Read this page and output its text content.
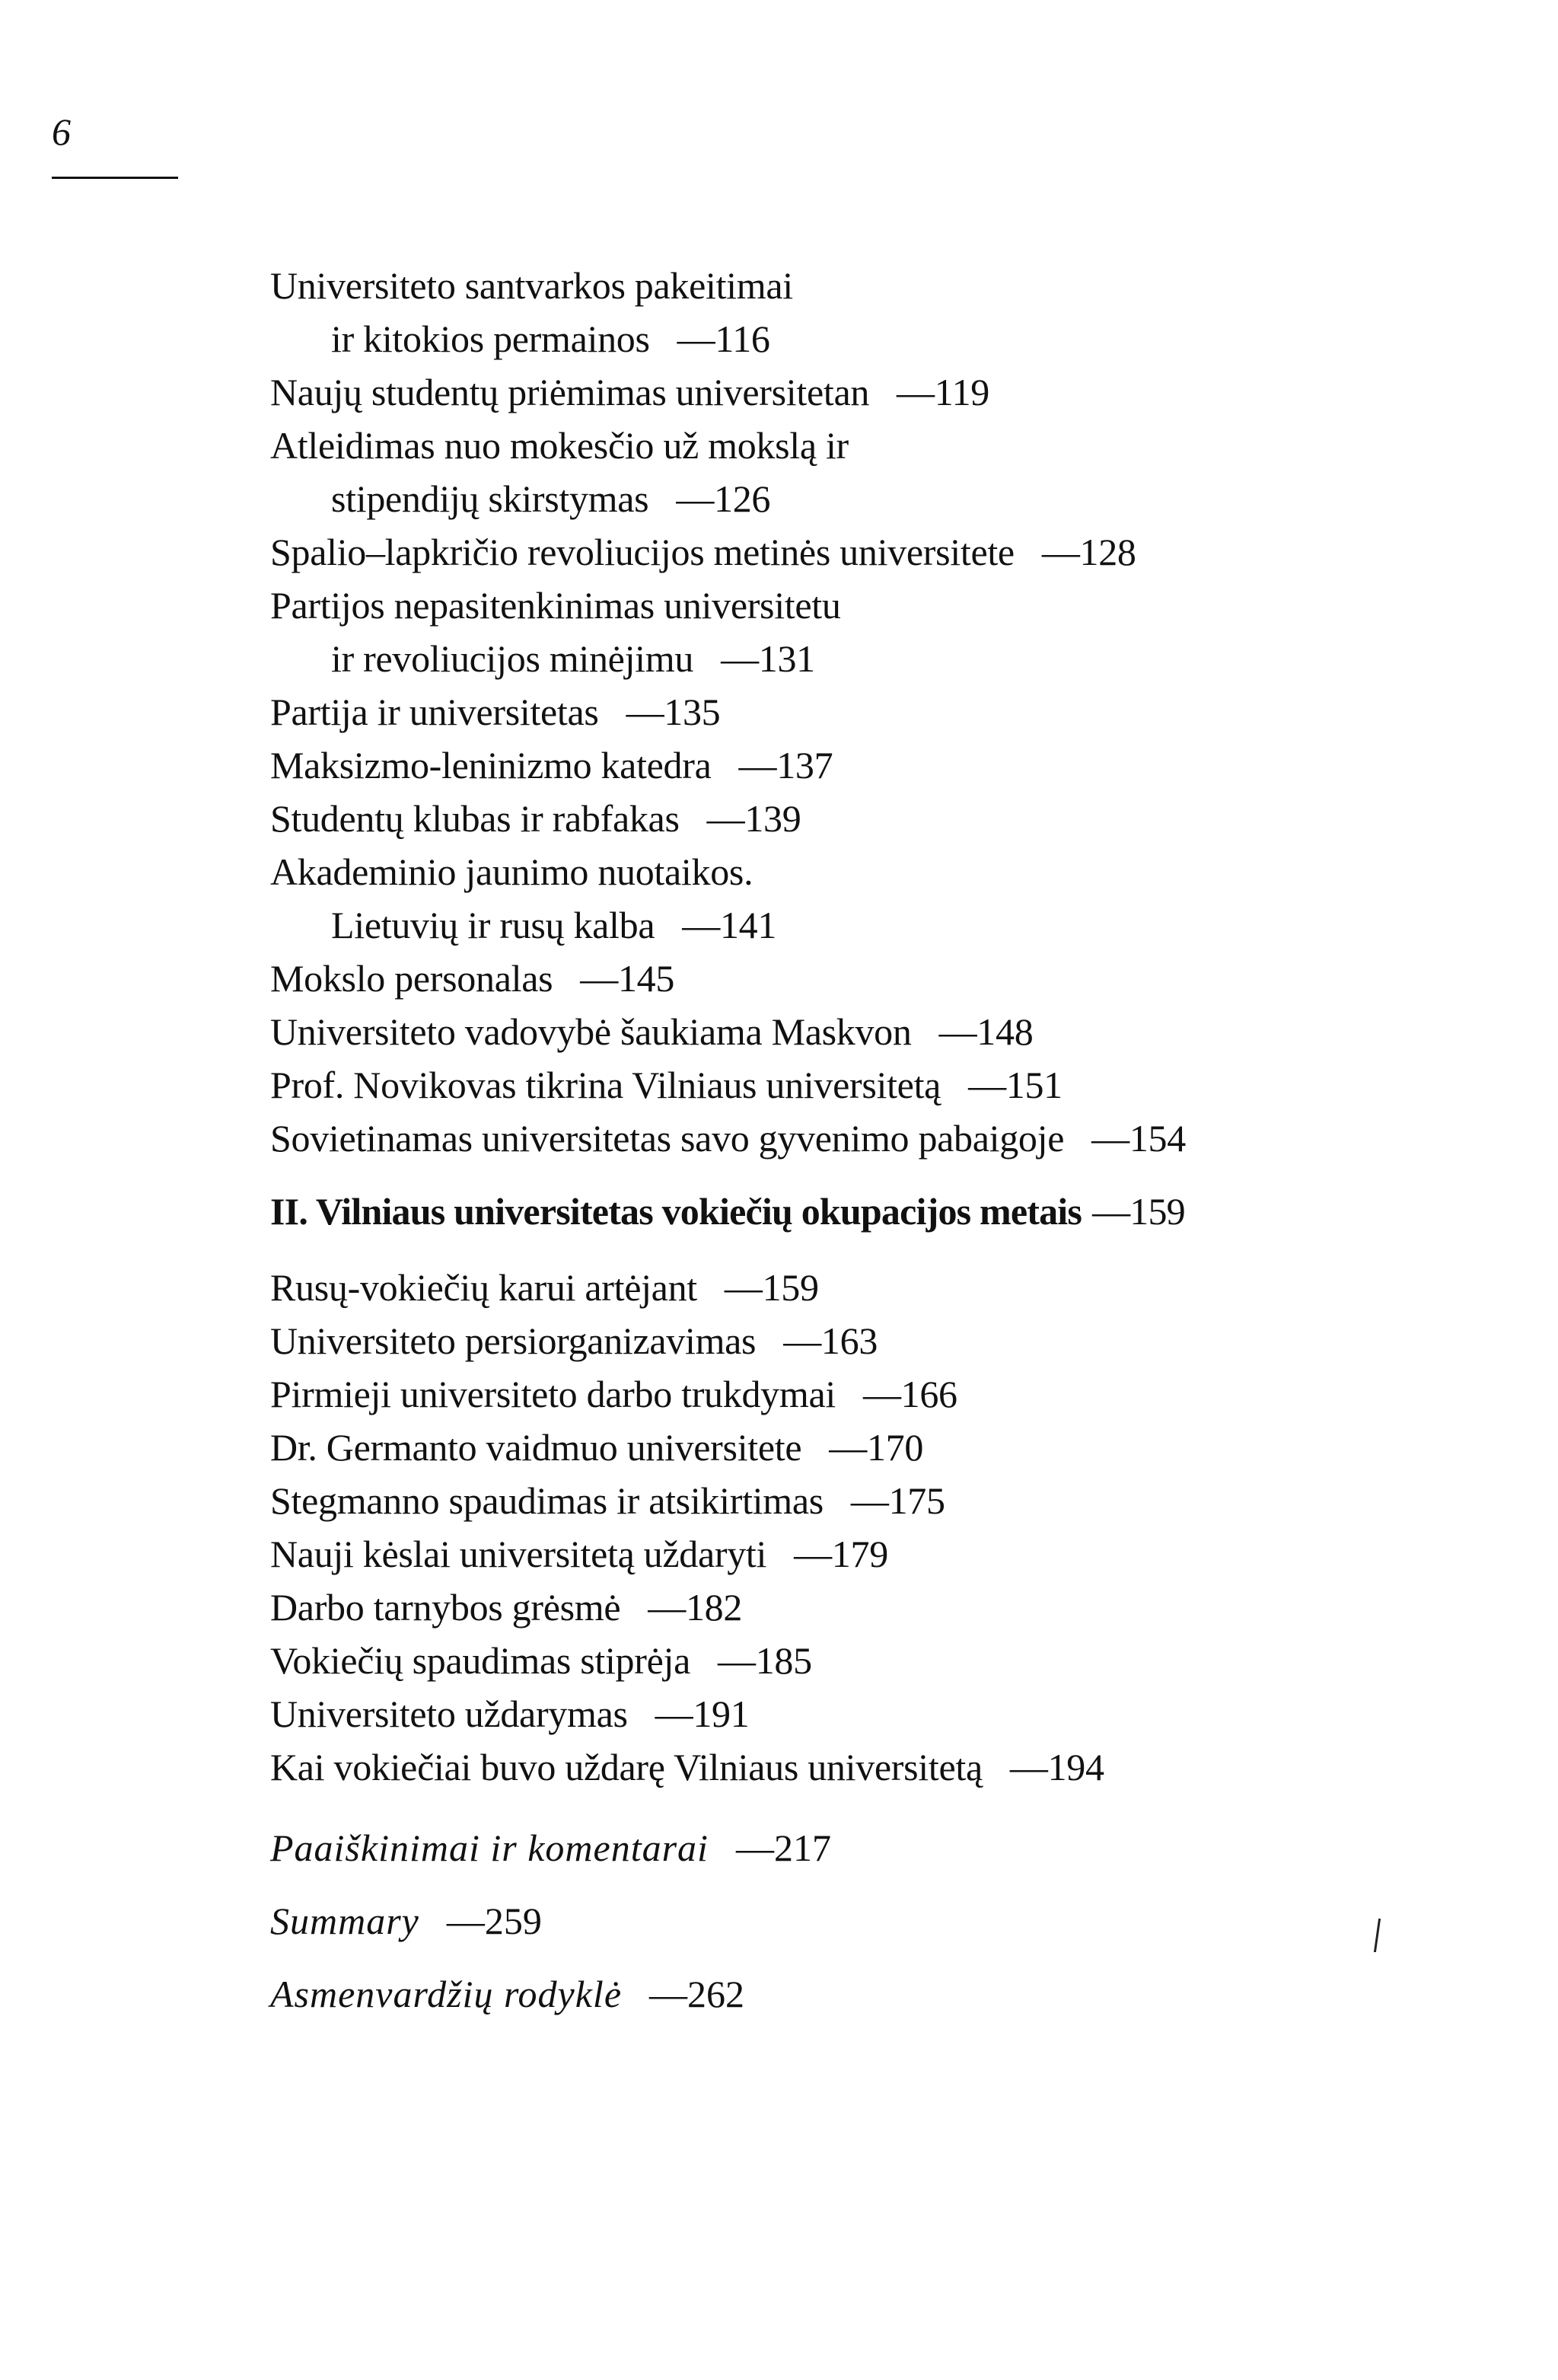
6
Universiteto santvarkos pakeitimai
ir kitokios permainos —116
Naujų studentų priėmimas universitetan —119
Atleidimas nuo mokesčio už mokslą ir
stipendijų skirstymas —126
Spalio–lapkričio revoliucijos metinės universitete —128
Partijos nepasitenkinimas universitetu
ir revoliucijos minėjimu —131
Partija ir universitetas —135
Maksizmo-leninizmo katedra —137
Studentų klubas ir rabfakas —139
Akademinio jaunimo nuotaikos.
Lietuvių ir rusų kalba —141
Mokslo personalas —145
Universiteto vadovybė šaukiama Maskvon —148
Prof. Novikovas tikrina Vilniaus universitetą —151
Sovietinamas universitetas savo gyvenimo pabaigoje —154
II. Vilniaus universitetas vokiečių okupacijos metais —159
Rusų-vokiečių karui artėjant —159
Universiteto persiorganizavimas —163
Pirmieji universiteto darbo trukdymai —166
Dr. Germanto vaidmuo universitete —170
Stegmanno spaudimas ir atsikirtimas —175
Nauji kėslai universitetą uždaryti —179
Darbo tarnybos grėsmė —182
Vokiečių spaudimas stiprėja —185
Universiteto uždarymas —191
Kai vokiečiai buvo uždarę Vilniaus universitetą —194
Paaiškinimai ir komentarai —217
Summary —259
Asmenvardžių rodyklė —262
